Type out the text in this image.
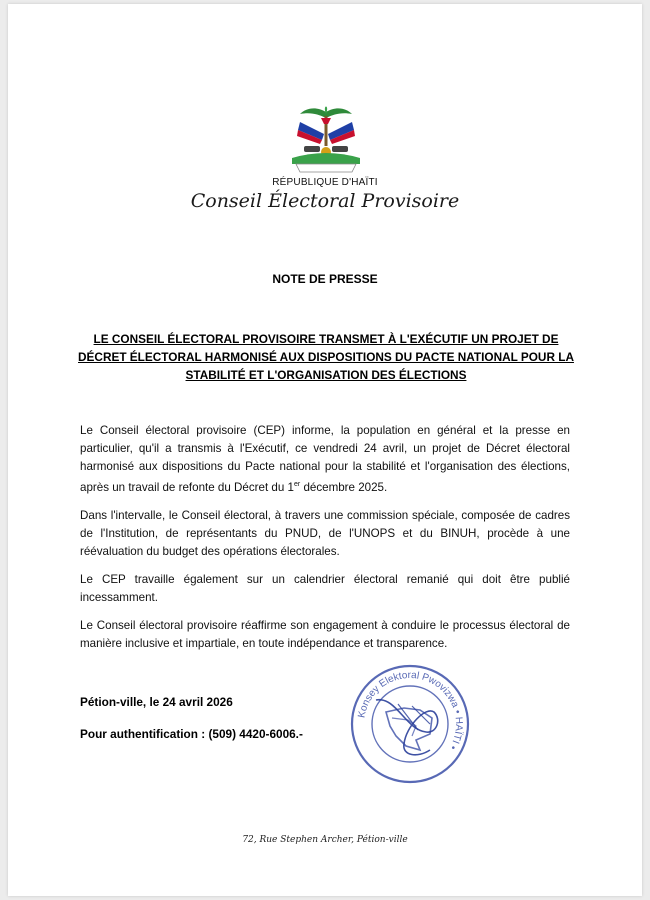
RÉPUBLIQUE D'HAÏTI
Conseil Électoral Provisoire
NOTE DE PRESSE
LE CONSEIL ÉLECTORAL PROVISOIRE TRANSMET À L'EXÉCUTIF UN PROJET DE DÉCRET ÉLECTORAL HARMONISÉ AUX DISPOSITIONS DU PACTE NATIONAL POUR LA STABILITÉ ET L'ORGANISATION DES ÉLECTIONS

Le Conseil électoral provisoire (CEP) informe, la population en général et la presse en particulier, qu'il a transmis à l'Exécutif, ce vendredi 24 avril, un projet de Décret électoral harmonisé aux dispositions du Pacte national pour la stabilité et l'organisation des élections, après un travail de refonte du Décret du 1er décembre 2025.

Dans l'intervalle, le Conseil électoral, à travers une commission spéciale, composée de cadres de l'Institution, de représentants du PNUD, de l'UNOPS et du BINUH, procède à une réévaluation du budget des opérations électorales.

Le CEP travaille également sur un calendrier électoral remanié qui doit être publié incessamment.

Le Conseil électoral provisoire réaffirme son engagement à conduire le processus électoral de manière inclusive et impartiale, en toute indépendance et transparence.

Pétion-ville, le 24 avril 2026
Pour authentification : (509) 4420-6006.-
Konsey Elektoral Pwovizwa • HAÏTI •
72, Rue Stephen Archer, Pétion-ville
